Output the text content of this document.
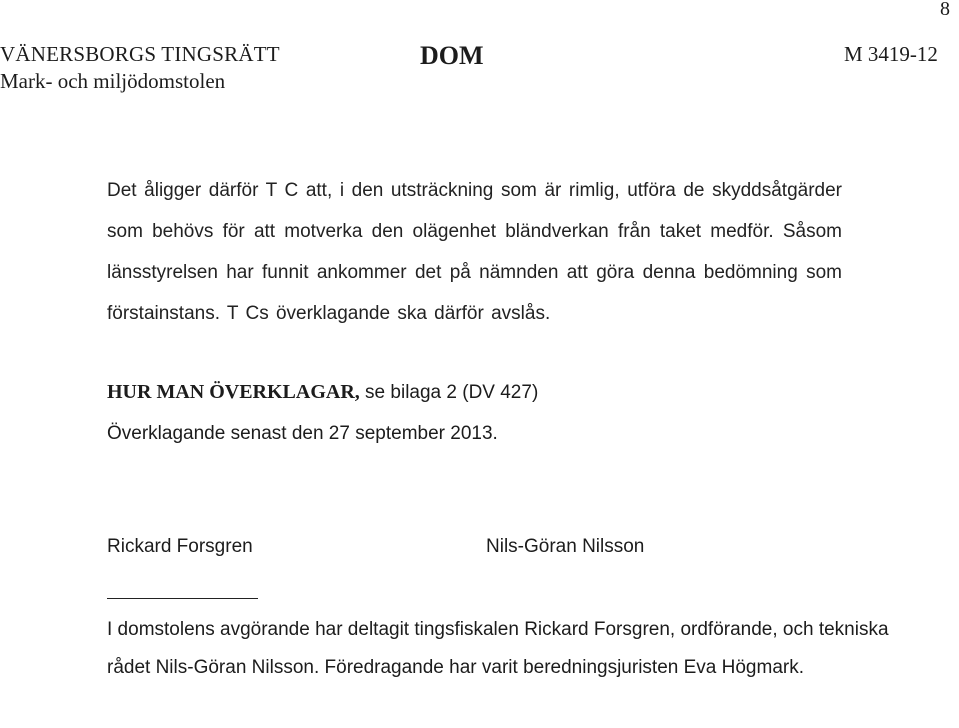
8
VÄNERSBORGS TINGSRÄTT
Mark- och miljödomstolen
DOM	M 3419-12

Det åligger därför T C att, i den utsträckning som är rimlig, utföra de skyddsåtgärder som behövs för att motverka den olägenhet bländverkan från taket medför. Såsom länsstyrelsen har funnit ankommer det på nämnden att göra denna bedömning som förstainstans. T Cs överklagande ska därför avslås.

HUR MAN ÖVERKLAGAR, se bilaga 2 (DV 427)
Överklagande senast den 27 september 2013.
Rickard Forsgren	Nils-Göran Nilsson

I domstolens avgörande har deltagit tingsfiskalen Rickard Forsgren, ordförande, och tekniska rådet Nils-Göran Nilsson. Föredragande har varit beredningsjuristen Eva Högmark.
